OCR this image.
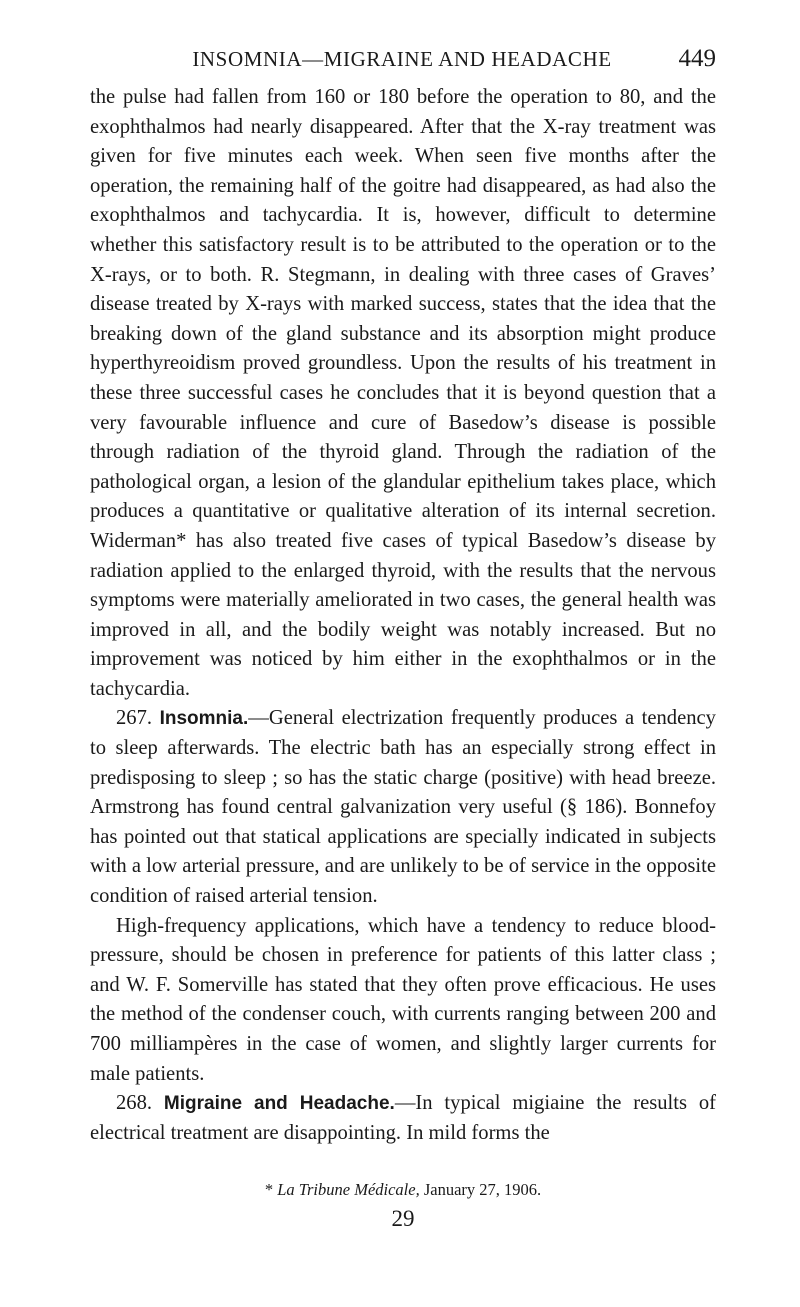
INSOMNIA—MIGRAINE AND HEADACHE	449

the pulse had fallen from 160 or 180 before the operation to 80, and the exophthalmos had nearly disappeared. After that the X-ray treatment was given for five minutes each week. When seen five months after the operation, the remaining half of the goitre had disappeared, as had also the exophthalmos and tachycardia. It is, however, difficult to determine whether this satisfactory result is to be attributed to the operation or to the X-rays, or to both. R. Stegmann, in dealing with three cases of Graves’ disease treated by X-rays with marked success, states that the idea that the breaking down of the gland substance and its absorption might produce hyperthyreoidism proved groundless. Upon the results of his treatment in these three successful cases he concludes that it is beyond question that a very favourable influence and cure of Basedow’s disease is possible through radiation of the thyroid gland. Through the radiation of the pathological organ, a lesion of the glandular epithelium takes place, which produces a quantitative or qualitative alteration of its internal secretion. Widerman* has also treated five cases of typical Basedow’s disease by radiation applied to the enlarged thyroid, with the results that the nervous symptoms were materially ameliorated in two cases, the general health was improved in all, and the bodily weight was notably increased. But no improvement was noticed by him either in the exophthalmos or in the tachycardia.

267. Insomnia.—General electrization frequently produces a tendency to sleep afterwards. The electric bath has an especially strong effect in predisposing to sleep ; so has the static charge (positive) with head breeze. Armstrong has found central galvanization very useful (§ 186). Bonnefoy has pointed out that statical applications are specially indicated in subjects with a low arterial pressure, and are unlikely to be of service in the opposite condition of raised arterial tension.

High-frequency applications, which have a tendency to reduce blood-pressure, should be chosen in preference for patients of this latter class ; and W. F. Somerville has stated that they often prove efficacious. He uses the method of the condenser couch, with currents ranging between 200 and 700 milliampères in the case of women, and slightly larger currents for male patients.

268. Migraine and Headache.—In typical migiaine the results of electrical treatment are disappointing. In mild forms the

* La Tribune Médicale, January 27, 1906.
29
